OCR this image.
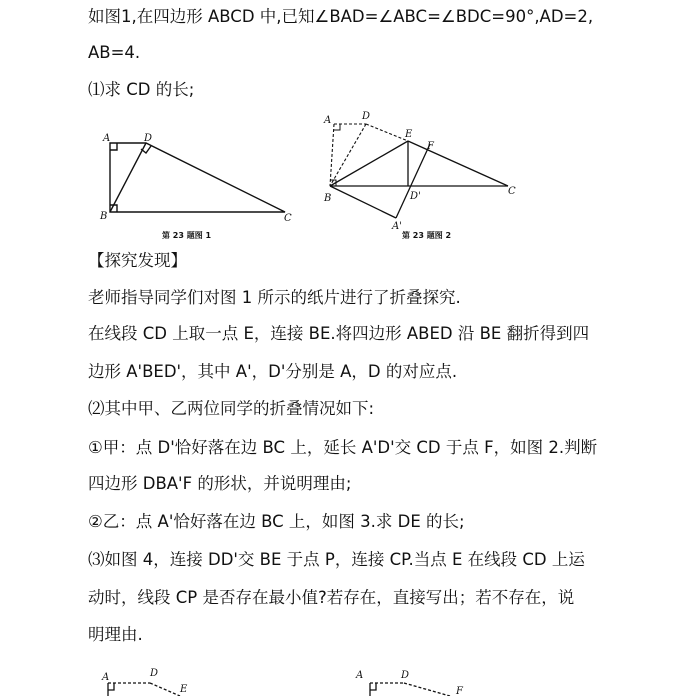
如图1,在四边形 ABCD 中,已知∠BAD=∠ABC=∠BDC=90°,AD=2,
AB=4.
⑴求 CD 的长;
【探究发现】
老师指导同学们对图 1 所示的纸片进行了折叠探究.
在线段 CD 上取一点 E，连接 BE.将四边形 ABED 沿 BE 翻折得到四
边形 A'BED'，其中 A'，D'分别是 A，D 的对应点.
⑵其中甲、乙两位同学的折叠情况如下:
①甲：点 D'恰好落在边 BC 上，延长 A'D'交 CD 于点 F，如图 2.判断
四边形 DBA'F 的形状，并说明理由;
②乙：点 A'恰好落在边 BC 上，如图 3.求 DE 的长;
⑶如图 4，连接 DD'交 BE 于点 P，连接 CP.当点 E 在线段 CD 上运
动时，线段 CP 是否存在最小值?若存在，直接写出；若不存在，说
明理由.
A	D
B	C
第 23 题图 1
A	D
E
F
B	D'	C
A'
第 23 题图 2
A	D
E
A	D
F
